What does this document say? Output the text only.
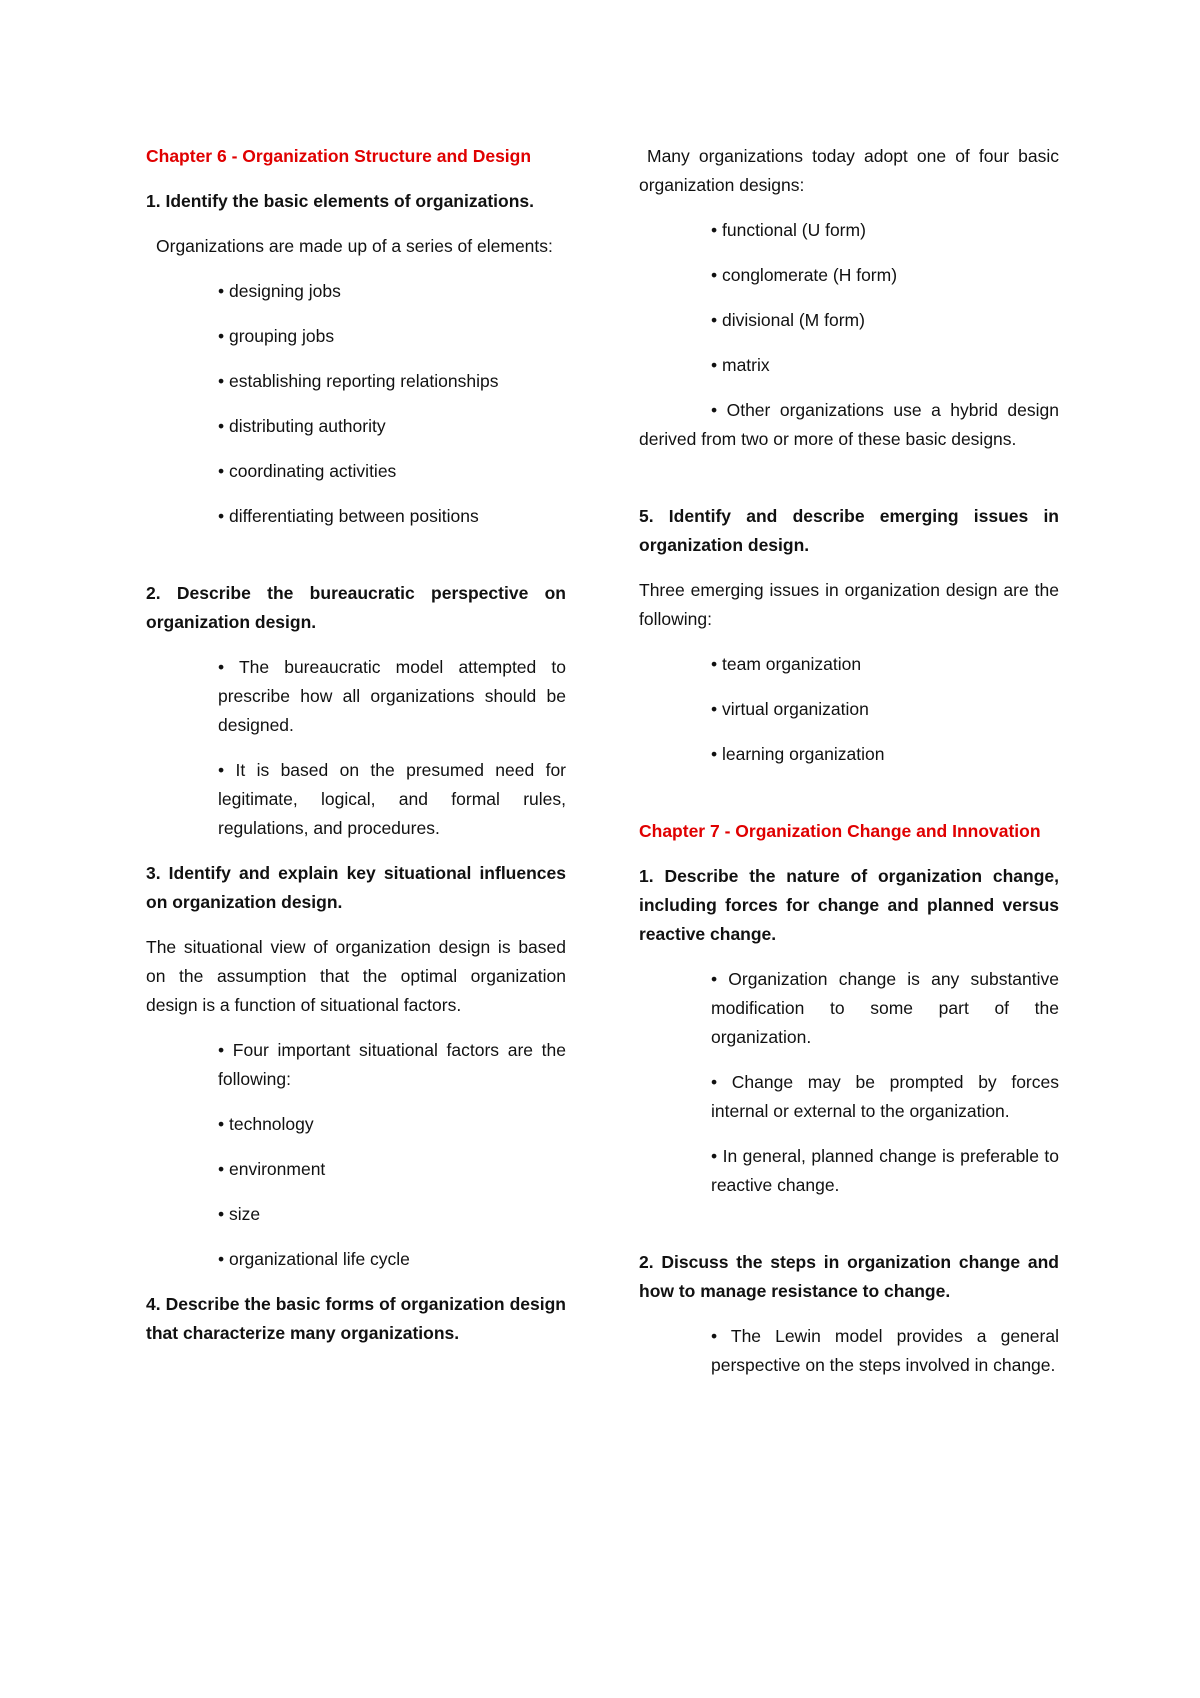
Chapter 6 - Organization Structure and Design

1. Identify the basic elements of organizations.

Organizations are made up of a series of elements:

• designing jobs

• grouping jobs

• establishing reporting relationships

• distributing authority

• coordinating activities

• differentiating between positions

2. Describe the bureaucratic perspective on organization design.

• The bureaucratic model attempted to prescribe how all organizations should be designed.

• It is based on the presumed need for legitimate, logical, and formal rules, regulations, and procedures.

3. Identify and explain key situational influences on organization design.

The situational view of organization design is based on the assumption that the optimal organization design is a function of situational factors.

• Four important situational factors are the following:

• technology

• environment

• size

• organizational life cycle

4. Describe the basic forms of organization design that characterize many organizations.

Many organizations today adopt one of four basic organization designs:

• functional (U form)

• conglomerate (H form)

• divisional (M form)

• matrix

• Other organizations use a hybrid design derived from two or more of these basic designs.

5. Identify and describe emerging issues in organization design.

Three emerging issues in organization design are the following:

• team organization

• virtual organization

• learning organization

Chapter 7 - Organization Change and Innovation

1. Describe the nature of organization change, including forces for change and planned versus reactive change.

• Organization change is any substantive modification to some part of the organization.

• Change may be prompted by forces internal or external to the organization.

• In general, planned change is preferable to reactive change.

2. Discuss the steps in organization change and how to manage resistance to change.

• The Lewin model provides a general perspective on the steps involved in change.
